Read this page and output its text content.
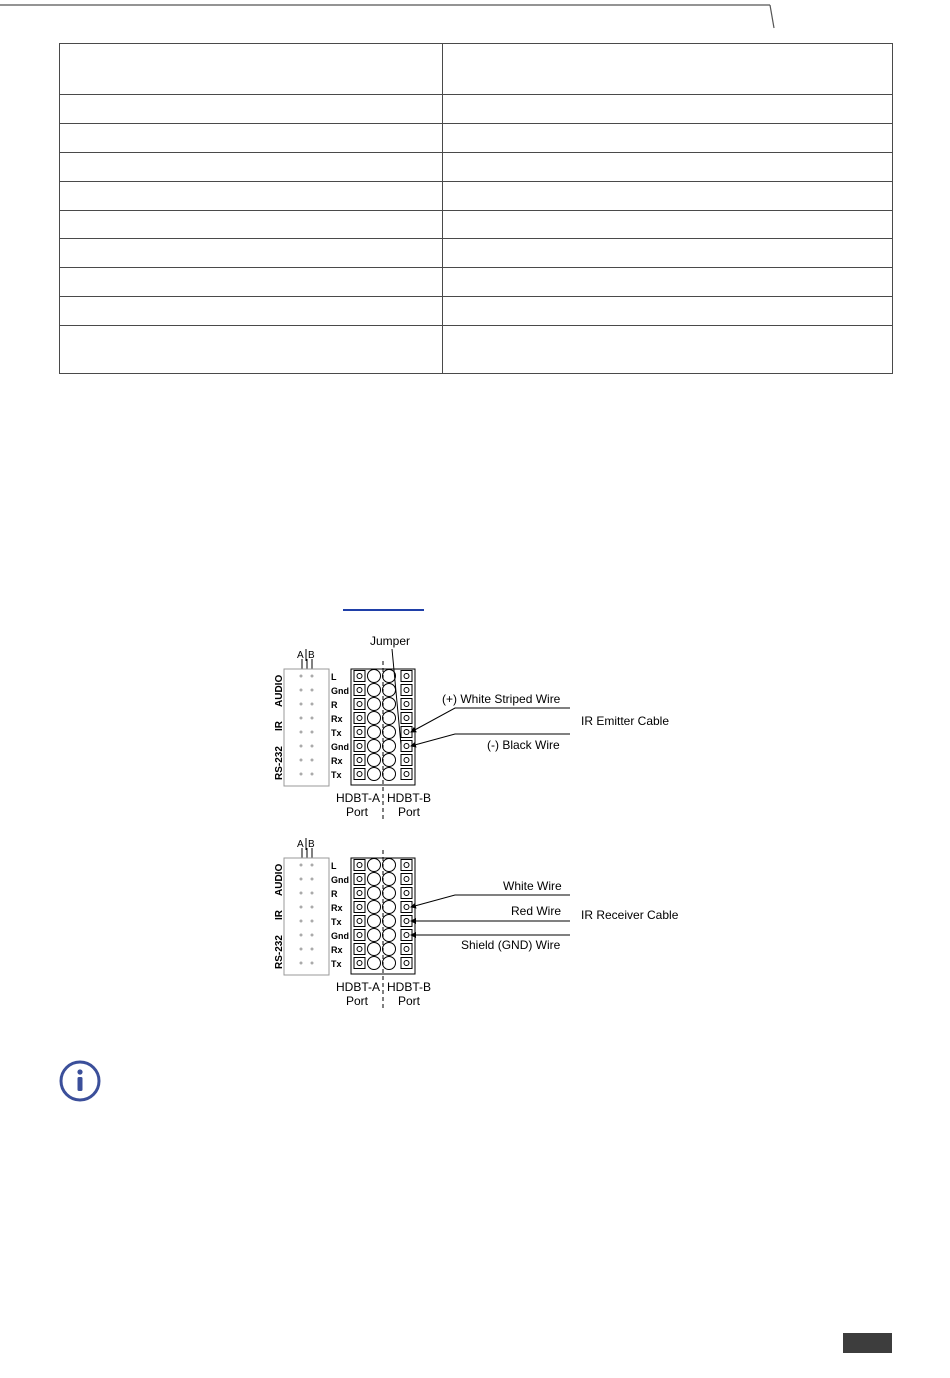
A B
AUDIO
IR
RS-232
L
Gnd
R
Rx
Tx
Gnd
Rx
Tx
Jumper
(+) White Striped Wire
(-) Black Wire
IR Emitter Cable
HDBT-A
Port
HDBT-B
Port
A B
AUDIO
IR
RS-232
L
Gnd
R
Rx
Tx
Gnd
Rx
Tx
White Wire
Red Wire
Shield (GND) Wire
IR Receiver Cable
HDBT-A
Port
HDBT-B
Port
